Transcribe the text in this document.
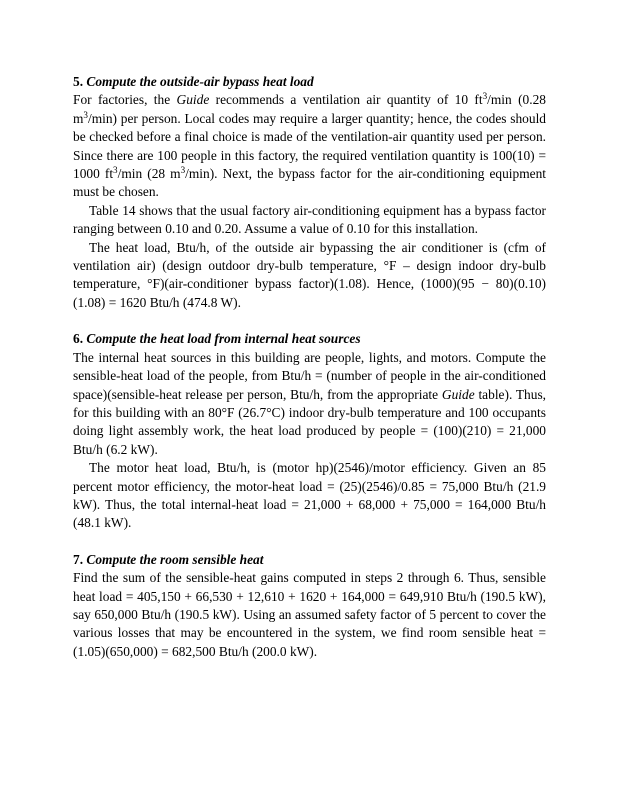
5. Compute the outside-air bypass heat load

For factories, the Guide recommends a ventilation air quantity of 10 $ft^3/\min$ (0.28 $m^3/\min$) per person. Local codes may require a larger quantity; hence, the codes should be checked before a final choice is made of the ventilation-air quantity used per person. Since there are 100 people in this factory, the required ventilation quantity is 100(10) = 1000 $ft^3/\min$ (28 $m^3/\min$). Next, the bypass factor for the air-conditioning equipment must be chosen.

Table 14 shows that the usual factory air-conditioning equipment has a bypass factor ranging between 0.10 and 0.20. Assume a value of 0.10 for this installation.

The heat load, Btu/h, of the outside air bypassing the air conditioner is (cfm of ventilation air) (design outdoor dry-bulb temperature, °F – design indoor dry-bulb temperature, °F)(air-conditioner bypass factor)(1.08). Hence, (1000)(95 − 80)(0.10)(1.08) = 1620 Btu/h (474.8 W).

6. Compute the heat load from internal heat sources

The internal heat sources in this building are people, lights, and motors. Compute the sensible-heat load of the people, from Btu/h = (number of people in the air-conditioned space)(sensible-heat release per person, Btu/h, from the appropriate Guide table). Thus, for this building with an 80°F (26.7°C) indoor dry-bulb temperature and 100 occupants doing light assembly work, the heat load produced by people = (100)(210) = 21,000 Btu/h (6.2 kW).

The motor heat load, Btu/h, is (motor hp)(2546)/motor efficiency. Given an 85 percent motor efficiency, the motor-heat load = (25)(2546)/0.85 = 75,000 Btu/h (21.9 kW). Thus, the total internal-heat load = 21,000 + 68,000 + 75,000 = 164,000 Btu/h (48.1 kW).

7. Compute the room sensible heat

Find the sum of the sensible-heat gains computed in steps 2 through 6. Thus, sensible heat load = 405,150 + 66,530 + 12,610 + 1620 + 164,000 = 649,910 Btu/h (190.5 kW), say 650,000 Btu/h (190.5 kW). Using an assumed safety factor of 5 percent to cover the various losses that may be encountered in the system, we find room sensible heat = (1.05)(650,000) = 682,500 Btu/h (200.0 kW).
